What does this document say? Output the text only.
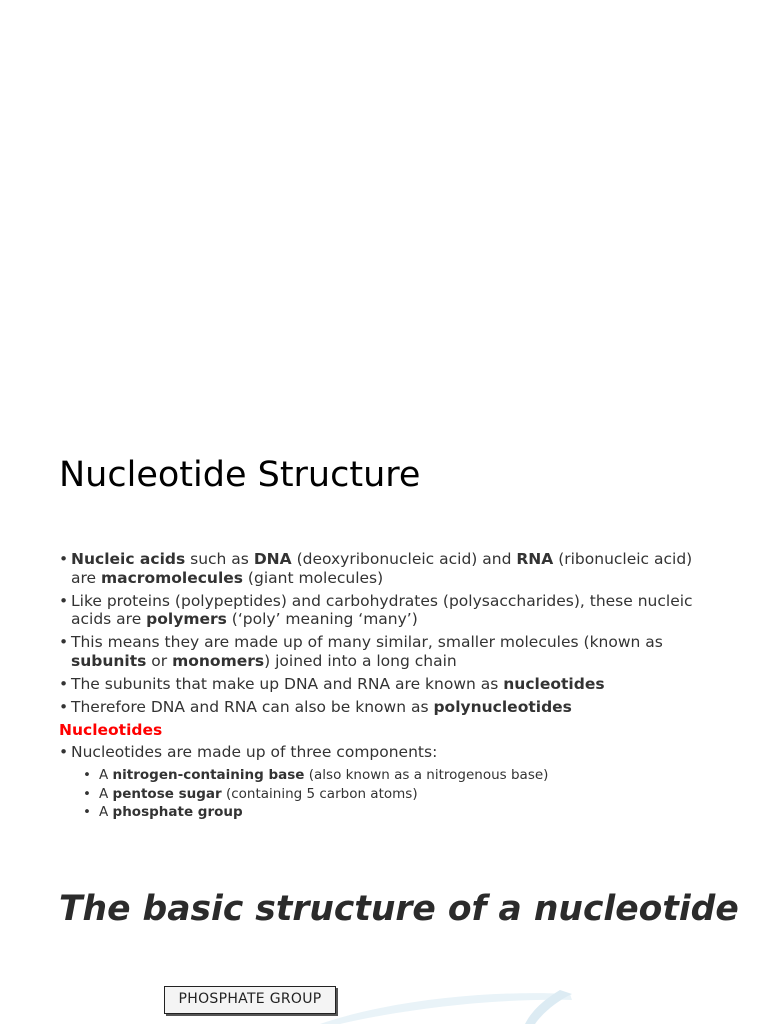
Nucleotide Structure
• Nucleic acids such as DNA (deoxyribonucleic acid) and RNA (ribonucleic acid) are macromolecules (giant molecules)
• Like proteins (polypeptides) and carbohydrates (polysaccharides), these nucleic acids are polymers (‘poly’ meaning ‘many’)
• This means they are made up of many similar, smaller molecules (known as subunits or monomers) joined into a long chain
• The subunits that make up DNA and RNA are known as nucleotides
• Therefore DNA and RNA can also be known as polynucleotides
Nucleotides
• Nucleotides are made up of three components:
• A nitrogen-containing base (also known as a nitrogenous base)
• A pentose sugar (containing 5 carbon atoms)
• A phosphate group
The basic structure of a nucleotide
PHOSPHATE GROUP
